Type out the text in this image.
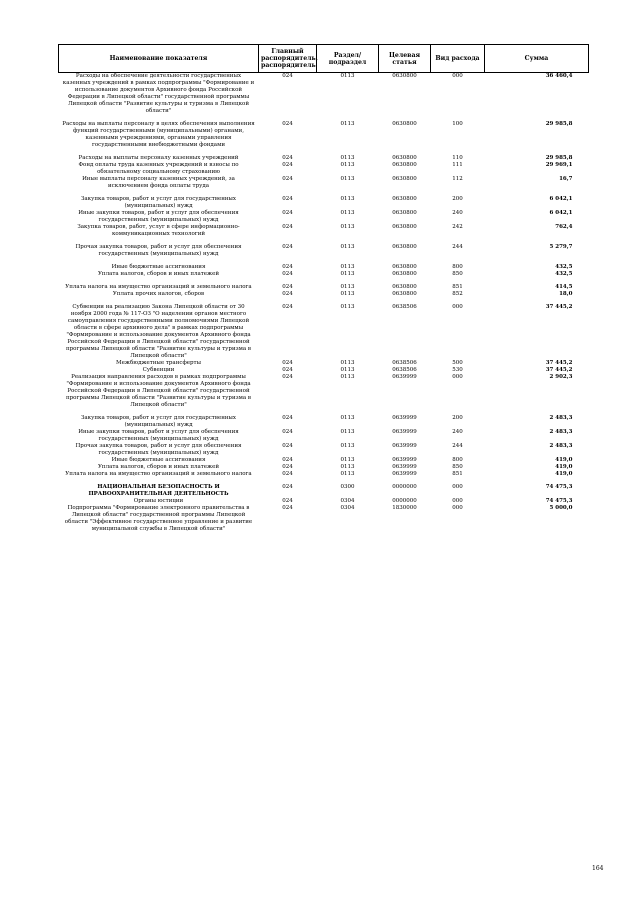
Наименование показателя	Главный распорядитель, распорядитель	Раздел/подраздел	Целевая статья	Вид расхода	Сумма
Расходы на обеспечение деятельности государственных казенных учреждений в рамках подпрограммы "Формирование и использование документов Архивного фонда Российской Федерации в Липецкой области" государственной программы Липецкой области "Развитие культуры и туризма в Липецкой области"	024	0113	0630800	000	36 460,4

Расходы на выплаты персоналу в целях обеспечения выполнения функций государственными (муниципальными) органами, казенными учреждениями, органами управления государственными внебюджетными фондами	024	0113	0630800	100	29 985,8

Расходы на выплаты персоналу казенных учреждений	024	0113	0630800	110	29 985,8
Фонд оплаты труда казенных учреждений и взносы по обязательному социальному страхованию	024	0113	0630800	111	29 969,1
Иные выплаты персоналу казенных учреждений, за исключением фонда оплаты труда	024	0113	0630800	112	16,7

Закупка товаров, работ и услуг для государственных (муниципальных) нужд	024	0113	0630800	200	6 042,1
Иные закупки товаров, работ и услуг для обеспечения государственных (муниципальных) нужд	024	0113	0630800	240	6 042,1
Закупка товаров, работ, услуг в сфере информационно-коммуникационных технологий	024	0113	0630800	242	762,4

Прочая закупка товаров, работ и услуг для обеспечения государственных (муниципальных) нужд	024	0113	0630800	244	5 279,7

Иные бюджетные ассигнования	024	0113	0630800	800	432,5
Уплата налогов, сборов и иных платежей	024	0113	0630800	850	432,5

Уплата налога на имущество организаций и земельного налога	024	0113	0630800	851	414,5
Уплата прочих налогов, сборов	024	0113	0630800	852	18,0

Субвенции на реализацию Закона Липецкой области от 30 ноября 2000 года № 117-ОЗ "О наделении органов местного самоуправления государственными полномочиями Липецкой области в сфере архивного дела" в рамках подпрограммы "Формирование и использование документов Архивного фонда Российской Федерации в Липецкой области" государственной программы Липецкой области "Развитие культуры и туризма в Липецкой области"	024	0113	0638506	000	37 445,2
Межбюджетные трансферты	024	0113	0638506	500	37 445,2
Субвенции	024	0113	0638506	530	37 445,2
Реализация направления расходов в рамках подпрограммы "Формирование и использование документов Архивного фонда Российской Федерации в Липецкой области" государственной программы Липецкой области "Развитие культуры и туризма в Липецкой области"	024	0113	0639999	000	2 902,3

Закупка товаров, работ и услуг для государственных (муниципальных) нужд	024	0113	0639999	200	2 483,3
Иные закупки товаров, работ и услуг для обеспечения государственных (муниципальных) нужд	024	0113	0639999	240	2 483,3
Прочая закупка товаров, работ и услуг для обеспечения государственных (муниципальных) нужд	024	0113	0639999	244	2 483,3
Иные бюджетные ассигнования	024	0113	0639999	800	419,0
Уплата налогов, сборов и иных платежей	024	0113	0639999	850	419,0
Уплата налога на имущество организаций и земельного налога	024	0113	0639999	851	419,0

НАЦИОНАЛЬНАЯ БЕЗОПАСНОСТЬ И ПРАВООХРАНИТЕЛЬНАЯ ДЕЯТЕЛЬНОСТЬ	024	0300	0000000	000	74 475,3
Органы юстиции	024	0304	0000000	000	74 475,3
Подпрограмма "Формирование электронного правительства в Липецкой области" государственной программы Липецкой области "Эффективное государственное управление и развитие муниципальной службы в Липецкой области"	024	0304	1830000	000	5 000,0
164
